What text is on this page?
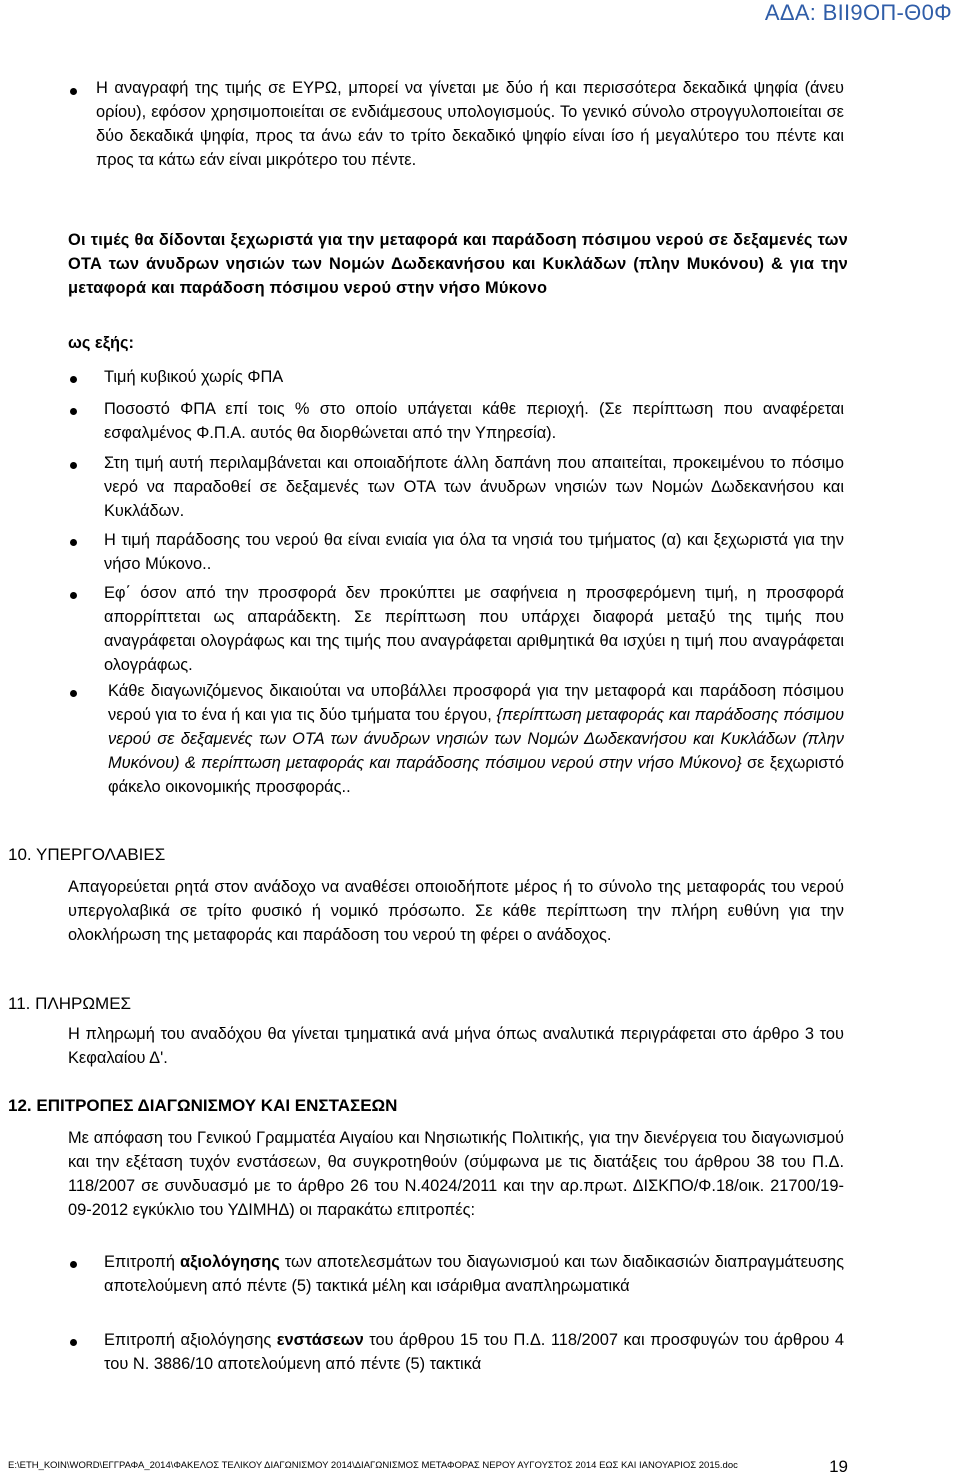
ΑΔΑ: ΒΙΙ9ΟΠ-Θ0Φ

Η αναγραφή της τιμής σε ΕΥΡΩ, μπορεί να γίνεται με δύο ή και περισσότερα δεκαδικά ψηφία (άνευ ορίου), εφόσον χρησιμοποιείται σε ενδιάμεσους υπολογισμούς. Το γενικό σύνολο στρογγυλοποιείται σε δύο δεκαδικά ψηφία, προς τα άνω εάν το τρίτο δεκαδικό ψηφίο είναι ίσο ή μεγαλύτερο του πέντε και προς τα κάτω εάν είναι μικρότερο του πέντε.

Οι τιμές θα δίδονται ξεχωριστά για την μεταφορά και παράδοση πόσιμου νερού σε δεξαμενές των ΟΤΑ των άνυδρων νησιών των Νομών Δωδεκανήσου και Κυκλάδων (πλην Μυκόνου) & για την μεταφορά και παράδοση πόσιμου νερού στην νήσο Μύκονο

ως εξής:

Τιμή κυβικού χωρίς ΦΠΑ

Ποσοστό ΦΠΑ επί τοις % στο οποίο υπάγεται κάθε περιοχή. (Σε περίπτωση που αναφέρεται εσφαλμένος Φ.Π.Α. αυτός θα διορθώνεται από την Υπηρεσία).

Στη τιμή αυτή περιλαμβάνεται και οποιαδήποτε άλλη δαπάνη που απαιτείται, προκειμένου το πόσιμο νερό να παραδοθεί σε δεξαμενές των ΟΤΑ των άνυδρων νησιών των Νομών Δωδεκανήσου και Κυκλάδων.

Η τιμή παράδοσης του νερού θα είναι ενιαία για όλα τα νησιά του τμήματος (α) και ξεχωριστά για την νήσο Μύκονο..

Εφ΄ όσον από την προσφορά δεν προκύπτει με σαφήνεια η προσφερόμενη τιμή, η προσφορά απορρίπτεται ως απαράδεκτη. Σε περίπτωση που υπάρχει διαφορά μεταξύ της τιμής που αναγράφεται ολογράφως και της τιμής που αναγράφεται αριθμητικά θα ισχύει η τιμή που αναγράφεται ολογράφως.

Κάθε διαγωνιζόμενος δικαιούται να υποβάλλει προσφορά για την μεταφορά και παράδοση πόσιμου νερού για το ένα ή και για τις δύο τμήματα του έργου, {περίπτωση μεταφοράς και παράδοσης πόσιμου νερού σε δεξαμενές των ΟΤΑ των άνυδρων νησιών των Νομών Δωδεκανήσου και Κυκλάδων (πλην Μυκόνου) & περίπτωση μεταφοράς και παράδοσης πόσιμου νερού στην νήσο Μύκονο} σε ξεχωριστό φάκελο οικονομικής προσφοράς..

10. ΥΠΕΡΓΟΛΑΒΙΕΣ

Απαγορεύεται ρητά στον ανάδοχο να αναθέσει οποιοδήποτε μέρος ή το σύνολο της μεταφοράς του νερού υπεργολαβικά σε τρίτο φυσικό ή νομικό πρόσωπο. Σε κάθε περίπτωση την πλήρη ευθύνη για την ολοκλήρωση της μεταφοράς και παράδοση του νερού τη φέρει ο ανάδοχος.

11. ΠΛΗΡΩΜΕΣ

Η πληρωμή του αναδόχου θα γίνεται τμηματικά ανά μήνα όπως αναλυτικά περιγράφεται στο άρθρο 3 του Κεφαλαίου Δ'.

12. ΕΠΙΤΡΟΠΕΣ ΔΙΑΓΩΝΙΣΜΟΥ ΚΑΙ ΕΝΣΤΑΣΕΩΝ

Με απόφαση του Γενικού Γραμματέα Αιγαίου και Νησιωτικής Πολιτικής, για την διενέργεια του διαγωνισμού και την εξέταση τυχόν ενστάσεων, θα συγκροτηθούν (σύμφωνα με τις διατάξεις του άρθρου 38 του Π.Δ. 118/2007 σε συνδυασμό με το άρθρο 26 του Ν.4024/2011 και την αρ.πρωτ. ΔΙΣΚΠΟ/Φ.18/οικ. 21700/19-09-2012 εγκύκλιο του ΥΔΙΜΗΔ) οι παρακάτω επιτροπές:

Επιτροπή αξιολόγησης των αποτελεσμάτων του διαγωνισμού και των διαδικασιών διαπραγμάτευσης αποτελούμενη από πέντε (5) τακτικά μέλη και ισάριθμα αναπληρωματικά

Επιτροπή αξιολόγησης ενστάσεων του άρθρου 15 του Π.Δ. 118/2007 και προσφυγών του άρθρου 4 του Ν. 3886/10 αποτελούμενη από πέντε (5) τακτικά

E:\ΕΤΗ_ΚΟΙΝ\WORD\ΕΓΓΡΑΦΑ_2014\ΦΑΚΕΛΟΣ ΤΕΛΙΚΟΥ ΔΙΑΓΩΝΙΣΜΟΥ 2014\ΔΙΑΓΩΝΙΣΜΟΣ ΜΕΤΑΦΟΡΑΣ ΝΕΡΟΥ ΑΥΓΟΥΣΤΟΣ 2014 ΕΩΣ ΚΑΙ ΙΑΝΟΥΑΡΙΟΣ 2015.doc	19
